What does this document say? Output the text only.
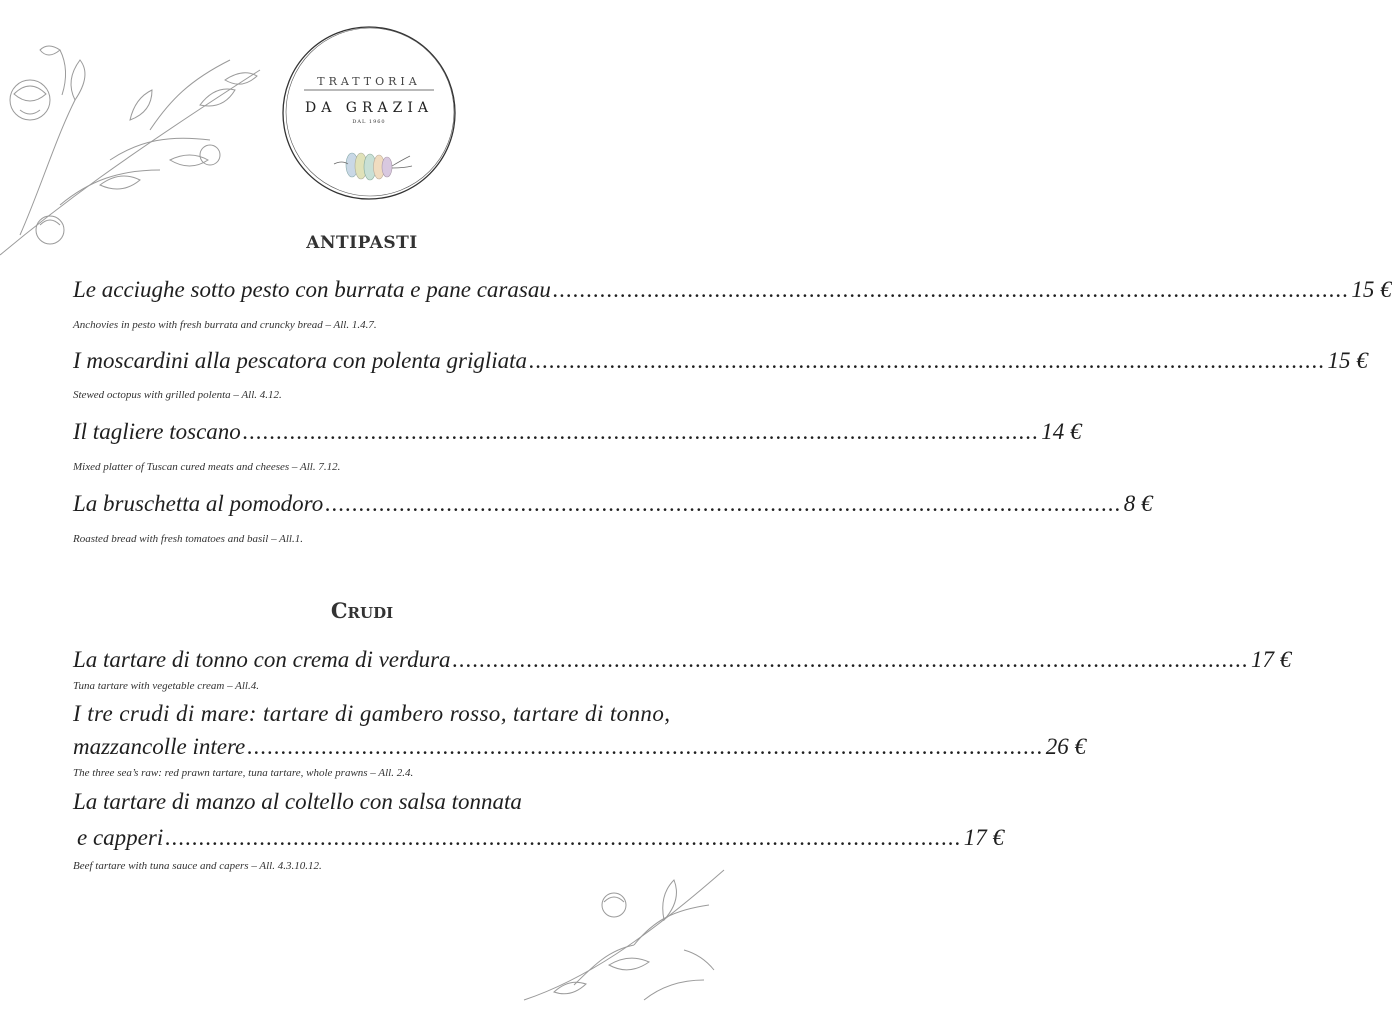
TRATTORIA
DA GRAZIA
DAL 1960
ANTIPASTI
Le acciughe sotto pesto con burrata e pane carasau ...................................................................................................................... 15 €
Anchovies in pesto with fresh burrata and cruncky bread – All. 1.4.7.
I moscardini alla pescatora con polenta grigliata ...................................................................................................................... 15 €
Stewed octopus with grilled polenta – All. 4.12.
Il tagliere toscano ...................................................................................................................... 14 €
Mixed platter of Tuscan cured meats and cheeses – All. 7.12.
La bruschetta al pomodoro ...................................................................................................................... 8 €
Roasted bread with fresh tomatoes and basil – All.1.
Crudi
La tartare di tonno con crema di verdura ...................................................................................................................... 17 €
Tuna tartare with vegetable cream – All.4.
I tre crudi di mare: tartare di gambero rosso, tartare di tonno,
mazzancolle intere ...................................................................................................................... 26 €
The three sea’s raw: red prawn tartare, tuna tartare, whole prawns – All. 2.4.
La tartare di manzo al coltello con salsa tonnata
e capperi ...................................................................................................................... 17 €
Beef tartare with tuna sauce and capers – All. 4.3.10.12.
